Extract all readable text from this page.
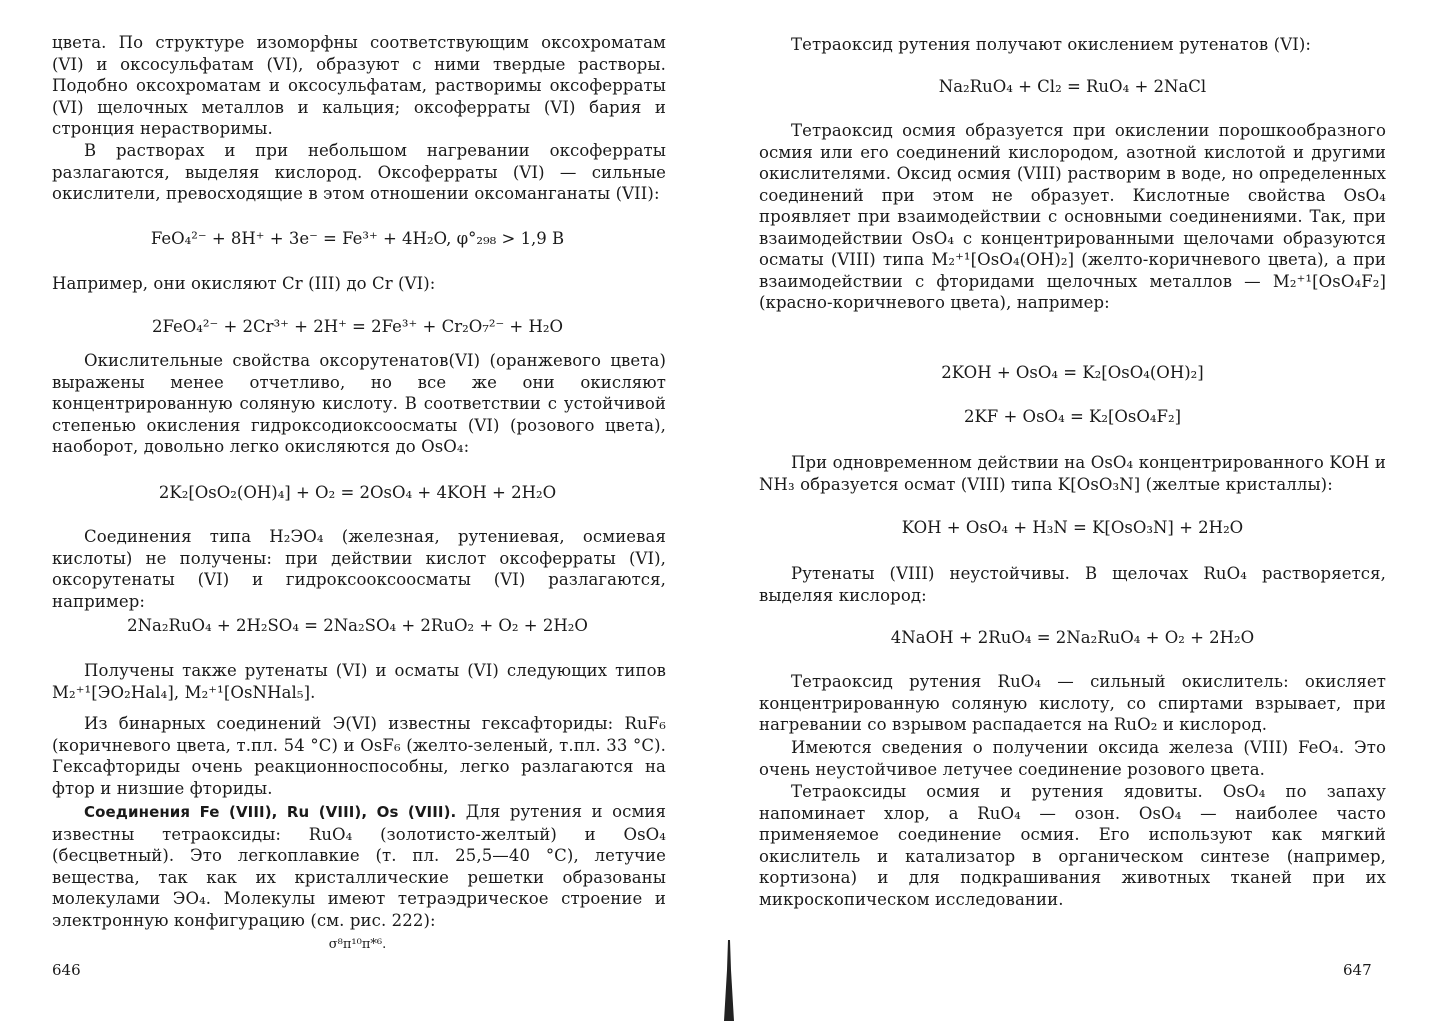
цвета. По структуре изоморфны соответствующим оксохроматам (VI) и оксосульфатам (VI), образуют с ними твердые растворы. Подобно оксохроматам и оксосульфатам, растворимы оксоферраты (VI) щелочных металлов и кальция; оксоферраты (VI) бария и стронция нерастворимы.

В растворах и при небольшом нагревании оксоферраты разлагаются, выделяя кислород. Оксоферраты (VI) — сильные окислители, превосходящие в этом отношении оксоманганаты (VII):

FeO₄²⁻ + 8H⁺ + 3e⁻ = Fe³⁺ + 4H₂O, φ°₂₉₈ > 1,9 В

Например, они окисляют Cr (III) до Cr (VI):

2FeO₄²⁻ + 2Cr³⁺ + 2H⁺ = 2Fe³⁺ + Cr₂O₇²⁻ + H₂O

Окислительные свойства оксорутенатов(VI) (оранжевого цвета) выражены менее отчетливо, но все же они окисляют концентрированную соляную кислоту. В соответствии с устойчивой степенью окисления гидроксодиоксоосматы (VI) (розового цвета), наоборот, довольно легко окисляются до OsO₄:

2K₂[OsO₂(OH)₄] + O₂ = 2OsO₄ + 4KOH + 2H₂O

Соединения типа H₂ЭO₄ (железная, рутениевая, осмиевая кислоты) не получены: при действии кислот оксоферраты (VI), оксорутенаты (VI) и гидроксооксоосматы (VI) разлагаются, например:

2Na₂RuO₄ + 2H₂SO₄ = 2Na₂SO₄ + 2RuO₂ + O₂ + 2H₂O

Получены также рутенаты (VI) и осматы (VI) следующих типов M₂⁺¹[ЭO₂Hal₄], M₂⁺¹[OsNHal₅].

Из бинарных соединений Э(VI) известны гексафториды: RuF₆ (коричневого цвета, т.пл. 54 °C) и OsF₆ (желто-зеленый, т.пл. 33 °C). Гексафториды очень реакционноспособны, легко разлагаются на фтор и низшие фториды.

Соединения Fe (VIII), Ru (VIII), Os (VIII). Для рутения и осмия известны тетраоксиды: RuO₄ (золотисто-желтый) и OsO₄ (бесцветный). Это легкоплавкие (т. пл. 25,5—40 °C), летучие вещества, так как их кристаллические решетки образованы молекулами ЭO₄. Молекулы имеют тетраэдрическое строение и электронную конфигурацию (см. рис. 222):

σ⁸π¹⁰π*⁶.
646

Тетраоксид рутения получают окислением рутенатов (VI):

Na₂RuO₄ + Cl₂ = RuO₄ + 2NaCl

Тетраоксид осмия образуется при окислении порошкообразного осмия или его соединений кислородом, азотной кислотой и другими окислителями. Оксид осмия (VIII) растворим в воде, но определенных соединений при этом не образует. Кислотные свойства OsO₄ проявляет при взаимодействии с основными соединениями. Так, при взаимодействии OsO₄ с концентрированными щелочами образуются осматы (VIII) типа M₂⁺¹[OsO₄(OH)₂] (желто-коричневого цвета), а при взаимодействии с фторидами щелочных металлов — M₂⁺¹[OsO₄F₂] (красно-коричневого цвета), например:

2KOH + OsO₄ = K₂[OsO₄(OH)₂]
2KF + OsO₄ = K₂[OsO₄F₂]

При одновременном действии на OsO₄ концентрированного KOH и NH₃ образуется осмат (VIII) типа K[OsO₃N] (желтые кристаллы):

KOH + OsO₄ + H₃N = K[OsO₃N] + 2H₂O

Рутенаты (VIII) неустойчивы. В щелочах RuO₄ растворяется, выделяя кислород:

4NaOH + 2RuO₄ = 2Na₂RuO₄ + O₂ + 2H₂O

Тетраоксид рутения RuO₄ — сильный окислитель: окисляет концентрированную соляную кислоту, со спиртами взрывает, при нагревании со взрывом распадается на RuO₂ и кислород.

Имеются сведения о получении оксида железа (VIII) FeO₄. Это очень неустойчивое летучее соединение розового цвета.

Тетраоксиды осмия и рутения ядовиты. OsO₄ по запаху напоминает хлор, а RuO₄ — озон. OsO₄ — наиболее часто применяемое соединение осмия. Его используют как мягкий окислитель и катализатор в органическом синтезе (например, кортизона) и для подкрашивания животных тканей при их микроскопическом исследовании.

647
